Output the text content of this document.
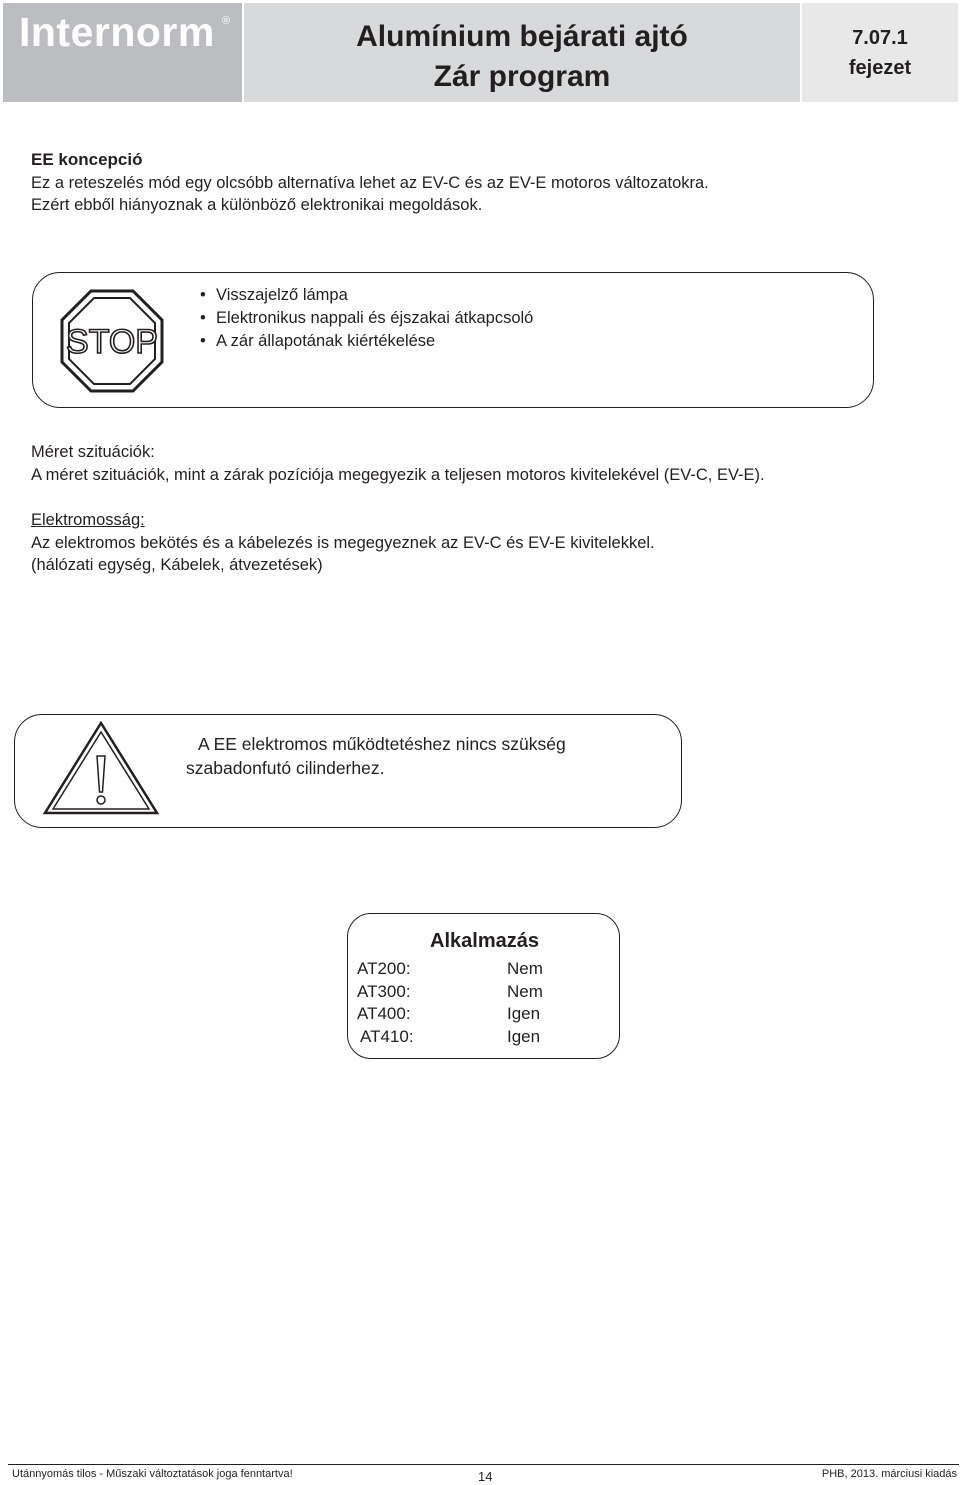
Internorm ®	Alumínium bejárati ajtó
Zár program
7.07.1
fejezet
EE koncepció
Ez a reteszelés mód egy olcsóbb alternatíva lehet az EV-C és az EV-E motoros változatokra.
Ezért ebből hiányoznak a különböző elektronikai megoldások.
STOP
• Visszajelző lámpa
• Elektronikus nappali és éjszakai átkapcsoló
• A zár állapotának kiértékelése
Méret szituációk:
A méret szituációk, mint a zárak pozíciója megegyezik a teljesen motoros kivitelekével (EV-C, EV-E).
Elektromosság:
Az elektromos bekötés és a kábelezés is megegyeznek az EV-C és EV-E kivitelekkel.
(hálózati egység, Kábelek, átvezetések)
A EE elektromos működtetéshez nincs szükség
szabadonfutó cilinderhez.
Alkalmazás
AT200:	Nem
AT300:	Nem
AT400:	Igen
AT410:	Igen
Utánnyomás tilos - Műszaki változtatások joga fenntartva!	14	PHB, 2013. márciusi kiadás
